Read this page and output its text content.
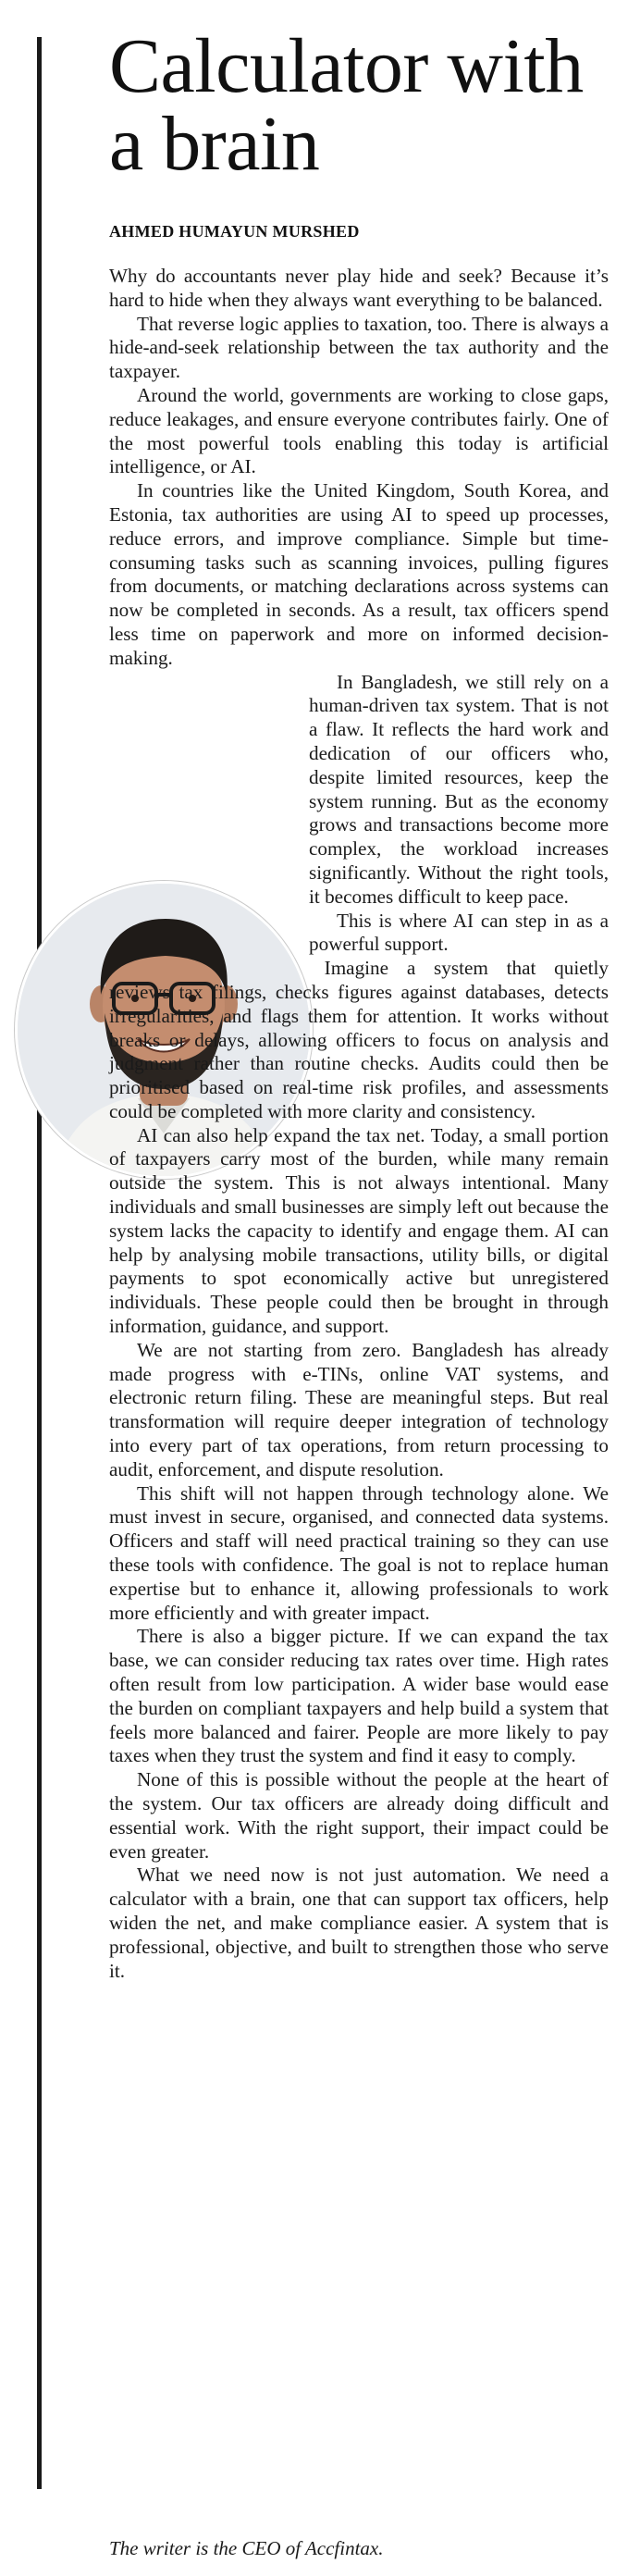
Calculator with a brain
AHMED HUMAYUN MURSHED

Why do accountants never play hide and seek? Because it’s hard to hide when they always want everything to be balanced.

That reverse logic applies to taxation, too. There is always a hide-and-seek relationship between the tax authority and the taxpayer.

Around the world, governments are working to close gaps, reduce leakages, and ensure everyone contributes fairly. One of the most powerful tools enabling this today is artificial intelligence, or AI.

In countries like the United Kingdom, South Korea, and Estonia, tax authorities are using AI to speed up processes, reduce errors, and improve compliance. Simple but time-consuming tasks such as scanning invoices, pulling figures from documents, or matching declarations across systems can now be completed in seconds. As a result, tax officers spend less time on paperwork and more on informed decision-making.

In Bangladesh, we still rely on a human-driven tax system. That is not a flaw. It reflects the hard work and dedication of our officers who, despite limited resources, keep the system running. But as the economy grows and transactions become more complex, the workload increases significantly. Without the right tools, it becomes difficult to keep pace.

This is where AI can step in as a powerful support.

Imagine a system that quietly reviews tax filings, checks figures against databases, detects irregularities, and flags them for attention. It works without breaks or delays, allowing officers to focus on analysis and judgment rather than routine checks. Audits could then be prioritised based on real-time risk profiles, and assessments could be completed with more clarity and consistency.

AI can also help expand the tax net. Today, a small portion of taxpayers carry most of the burden, while many remain outside the system. This is not always intentional. Many individuals and small businesses are simply left out because the system lacks the capacity to identify and engage them. AI can help by analysing mobile transactions, utility bills, or digital payments to spot economically active but unregistered individuals. These people could then be brought in through information, guidance, and support.

We are not starting from zero. Bangladesh has already made progress with e-TINs, online VAT systems, and electronic return filing. These are meaningful steps. But real transformation will require deeper integration of technology into every part of tax operations, from return processing to audit, enforcement, and dispute resolution.

This shift will not happen through technology alone. We must invest in secure, organised, and connected data systems. Officers and staff will need practical training so they can use these tools with confidence. The goal is not to replace human expertise but to enhance it, allowing professionals to work more efficiently and with greater impact.

There is also a bigger picture. If we can expand the tax base, we can consider reducing tax rates over time. High rates often result from low participation. A wider base would ease the burden on compliant taxpayers and help build a system that feels more balanced and fairer. People are more likely to pay taxes when they trust the system and find it easy to comply.

None of this is possible without the people at the heart of the system. Our tax officers are already doing difficult and essential work. With the right support, their impact could be even greater.

What we need now is not just automation. We need a calculator with a brain, one that can support tax officers, help widen the net, and make compliance easier. A system that is professional, objective, and built to strengthen those who serve it.

The writer is the CEO of Accfintax.
